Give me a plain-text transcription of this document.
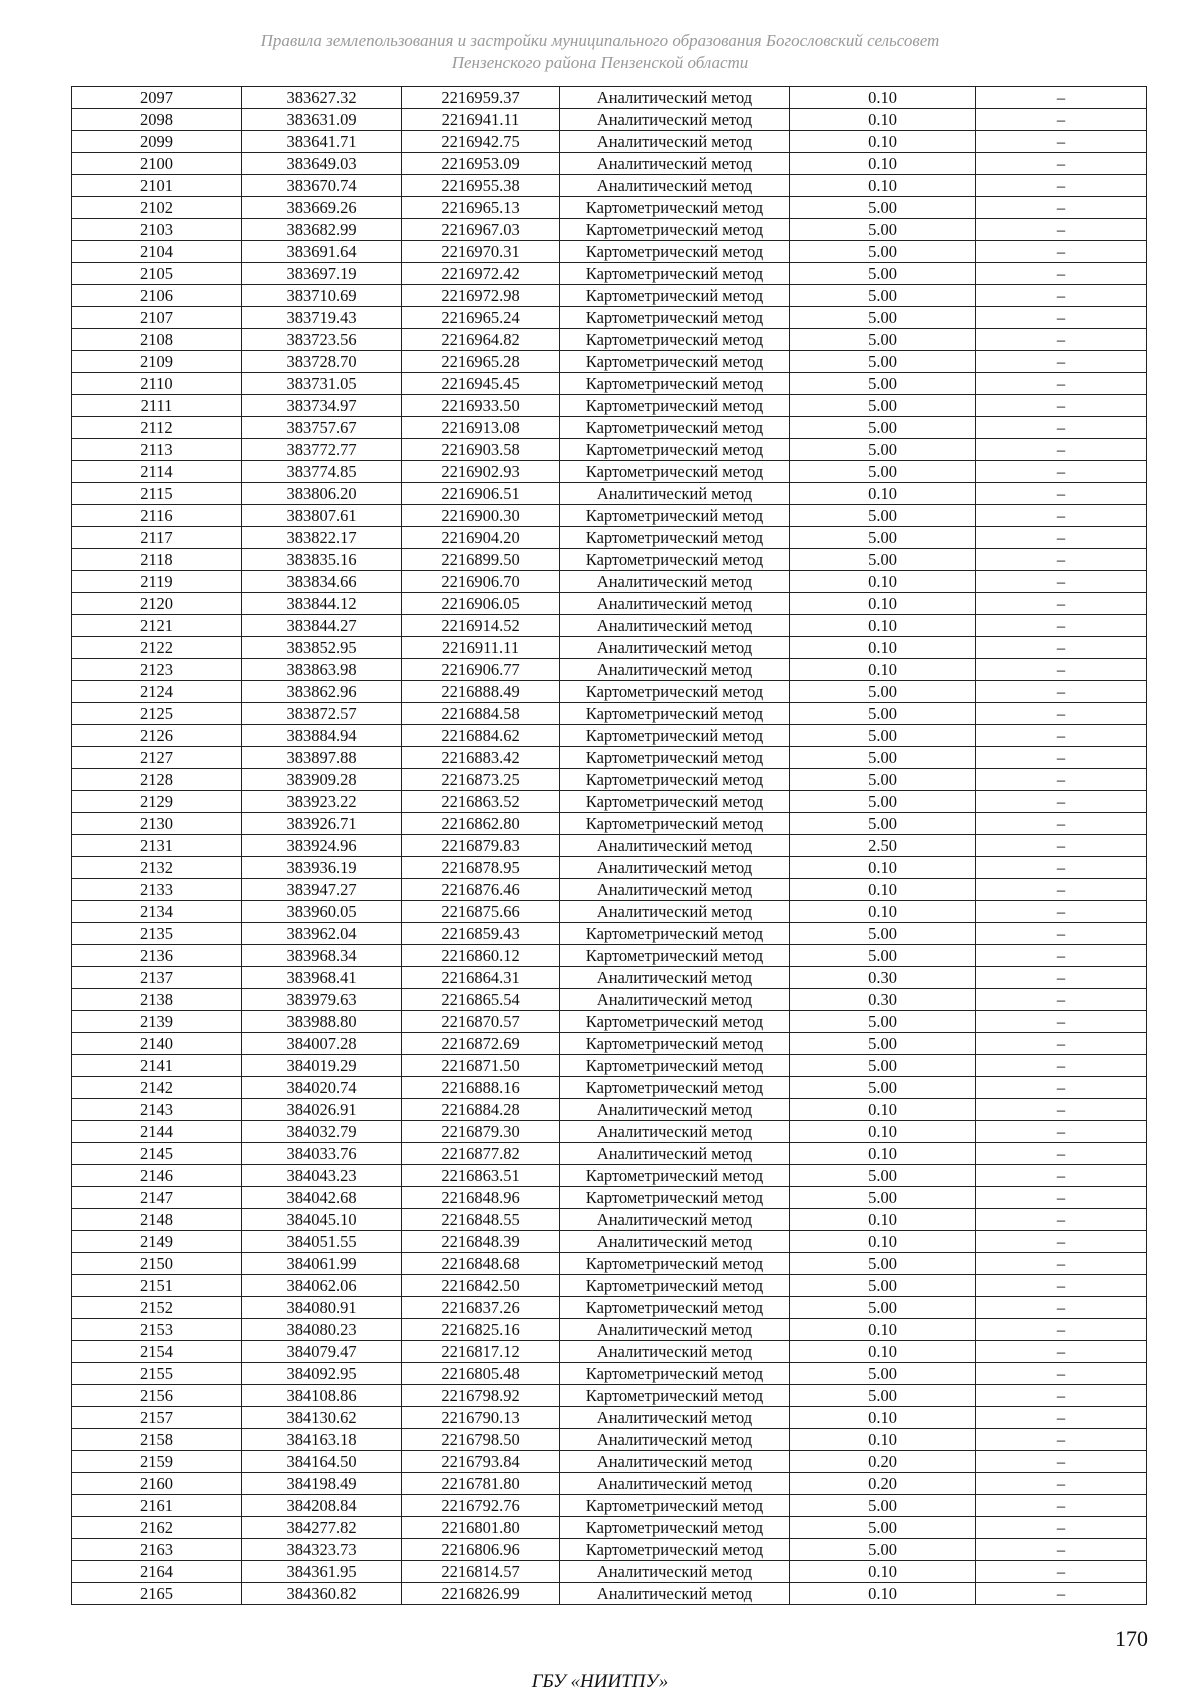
Правила землепользования и застройки муниципального образования Богословский сельсовет
Пензенского района Пензенской области
2097	383627.32	2216959.37	Аналитический метод	0.10	–
2098	383631.09	2216941.11	Аналитический метод	0.10	–
2099	383641.71	2216942.75	Аналитический метод	0.10	–
2100	383649.03	2216953.09	Аналитический метод	0.10	–
2101	383670.74	2216955.38	Аналитический метод	0.10	–
2102	383669.26	2216965.13	Картометрический метод	5.00	–
2103	383682.99	2216967.03	Картометрический метод	5.00	–
2104	383691.64	2216970.31	Картометрический метод	5.00	–
2105	383697.19	2216972.42	Картометрический метод	5.00	–
2106	383710.69	2216972.98	Картометрический метод	5.00	–
2107	383719.43	2216965.24	Картометрический метод	5.00	–
2108	383723.56	2216964.82	Картометрический метод	5.00	–
2109	383728.70	2216965.28	Картометрический метод	5.00	–
2110	383731.05	2216945.45	Картометрический метод	5.00	–
2111	383734.97	2216933.50	Картометрический метод	5.00	–
2112	383757.67	2216913.08	Картометрический метод	5.00	–
2113	383772.77	2216903.58	Картометрический метод	5.00	–
2114	383774.85	2216902.93	Картометрический метод	5.00	–
2115	383806.20	2216906.51	Аналитический метод	0.10	–
2116	383807.61	2216900.30	Картометрический метод	5.00	–
2117	383822.17	2216904.20	Картометрический метод	5.00	–
2118	383835.16	2216899.50	Картометрический метод	5.00	–
2119	383834.66	2216906.70	Аналитический метод	0.10	–
2120	383844.12	2216906.05	Аналитический метод	0.10	–
2121	383844.27	2216914.52	Аналитический метод	0.10	–
2122	383852.95	2216911.11	Аналитический метод	0.10	–
2123	383863.98	2216906.77	Аналитический метод	0.10	–
2124	383862.96	2216888.49	Картометрический метод	5.00	–
2125	383872.57	2216884.58	Картометрический метод	5.00	–
2126	383884.94	2216884.62	Картометрический метод	5.00	–
2127	383897.88	2216883.42	Картометрический метод	5.00	–
2128	383909.28	2216873.25	Картометрический метод	5.00	–
2129	383923.22	2216863.52	Картометрический метод	5.00	–
2130	383926.71	2216862.80	Картометрический метод	5.00	–
2131	383924.96	2216879.83	Аналитический метод	2.50	–
2132	383936.19	2216878.95	Аналитический метод	0.10	–
2133	383947.27	2216876.46	Аналитический метод	0.10	–
2134	383960.05	2216875.66	Аналитический метод	0.10	–
2135	383962.04	2216859.43	Картометрический метод	5.00	–
2136	383968.34	2216860.12	Картометрический метод	5.00	–
2137	383968.41	2216864.31	Аналитический метод	0.30	–
2138	383979.63	2216865.54	Аналитический метод	0.30	–
2139	383988.80	2216870.57	Картометрический метод	5.00	–
2140	384007.28	2216872.69	Картометрический метод	5.00	–
2141	384019.29	2216871.50	Картометрический метод	5.00	–
2142	384020.74	2216888.16	Картометрический метод	5.00	–
2143	384026.91	2216884.28	Аналитический метод	0.10	–
2144	384032.79	2216879.30	Аналитический метод	0.10	–
2145	384033.76	2216877.82	Аналитический метод	0.10	–
2146	384043.23	2216863.51	Картометрический метод	5.00	–
2147	384042.68	2216848.96	Картометрический метод	5.00	–
2148	384045.10	2216848.55	Аналитический метод	0.10	–
2149	384051.55	2216848.39	Аналитический метод	0.10	–
2150	384061.99	2216848.68	Картометрический метод	5.00	–
2151	384062.06	2216842.50	Картометрический метод	5.00	–
2152	384080.91	2216837.26	Картометрический метод	5.00	–
2153	384080.23	2216825.16	Аналитический метод	0.10	–
2154	384079.47	2216817.12	Аналитический метод	0.10	–
2155	384092.95	2216805.48	Картометрический метод	5.00	–
2156	384108.86	2216798.92	Картометрический метод	5.00	–
2157	384130.62	2216790.13	Аналитический метод	0.10	–
2158	384163.18	2216798.50	Аналитический метод	0.10	–
2159	384164.50	2216793.84	Аналитический метод	0.20	–
2160	384198.49	2216781.80	Аналитический метод	0.20	–
2161	384208.84	2216792.76	Картометрический метод	5.00	–
2162	384277.82	2216801.80	Картометрический метод	5.00	–
2163	384323.73	2216806.96	Картометрический метод	5.00	–
2164	384361.95	2216814.57	Аналитический метод	0.10	–
2165	384360.82	2216826.99	Аналитический метод	0.10	–
170
ГБУ «НИИТПУ»
